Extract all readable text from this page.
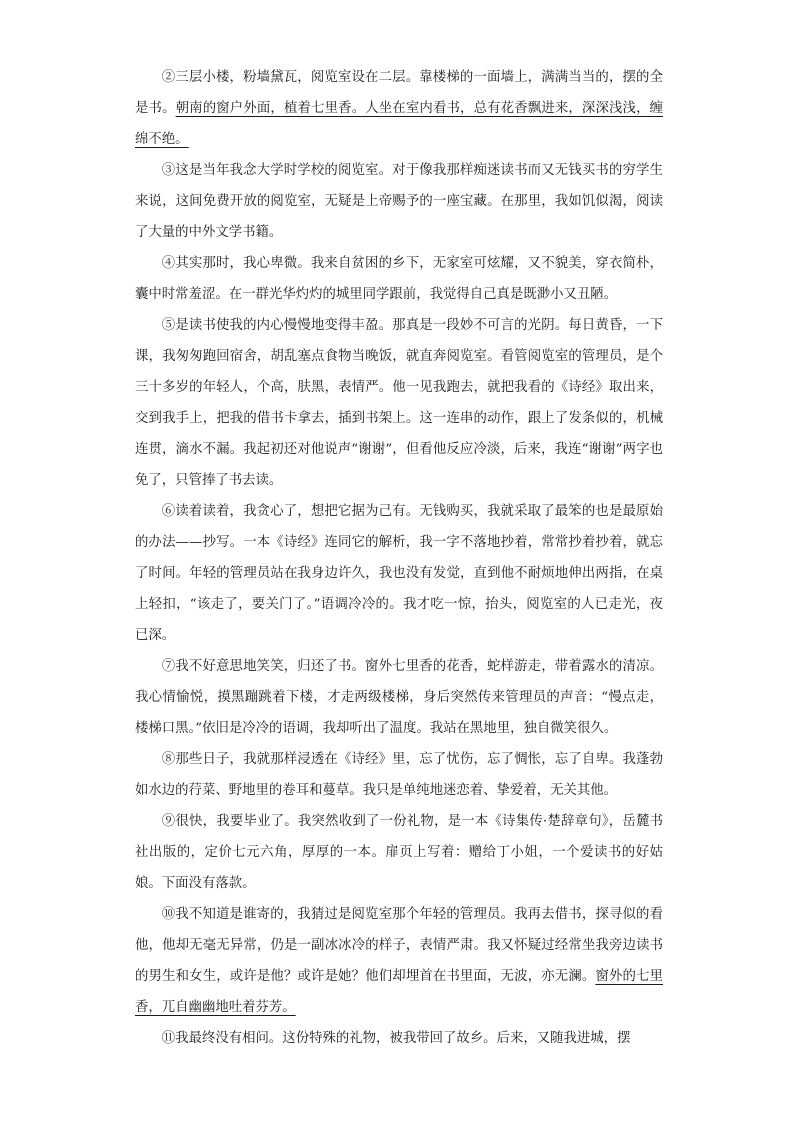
②三层小楼，粉墙黛瓦，阅览室设在二层。靠楼梯的一面墙上，满满当当的，摆的全是书。朝南的窗户外面，植着七里香。人坐在室内看书，总有花香飘进来，深深浅浅，缠绵不绝。

③这是当年我念大学时学校的阅览室。对于像我那样痴迷读书而又无钱买书的穷学生来说，这间免费开放的阅览室，无疑是上帝赐予的一座宝藏。在那里，我如饥似渴，阅读了大量的中外文学书籍。

④其实那时，我心卑微。我来自贫困的乡下，无家室可炫耀，又不貌美，穿衣简朴，囊中时常羞涩。在一群光华灼灼的城里同学跟前，我觉得自己真是既渺小又丑陋。

⑤是读书使我的内心慢慢地变得丰盈。那真是一段妙不可言的光阴。每日黄昏，一下课，我匆匆跑回宿舍，胡乱塞点食物当晚饭，就直奔阅览室。看管阅览室的管理员，是个三十多岁的年轻人，个高，肤黑，表情严。他一见我跑去，就把我看的《诗经》取出来，交到我手上，把我的借书卡拿去，插到书架上。这一连串的动作，跟上了发条似的，机械连贯，滴水不漏。我起初还对他说声“谢谢”，但看他反应冷淡，后来，我连“谢谢”两字也免了，只管捧了书去读。

⑥读着读着，我贪心了，想把它据为己有。无钱购买，我就采取了最笨的也是最原始的办法——抄写。一本《诗经》连同它的解析，我一字不落地抄着，常常抄着抄着，就忘了时间。年轻的管理员站在我身边许久，我也没有发觉，直到他不耐烦地伸出两指，在桌上轻扣，“该走了，要关门了。”语调冷冷的。我才吃一惊，抬头，阅览室的人已走光，夜已深。

⑦我不好意思地笑笑，归还了书。窗外七里香的花香，蛇样游走，带着露水的清凉。我心情愉悦，摸黑蹦跳着下楼，才走两级楼梯，身后突然传来管理员的声音：“慢点走，楼梯口黑。”依旧是冷冷的语调，我却听出了温度。我站在黑地里，独自微笑很久。

⑧那些日子，我就那样浸透在《诗经》里，忘了忧伤，忘了惆怅，忘了自卑。我蓬勃如水边的荇菜、野地里的卷耳和蔓草。我只是单纯地迷恋着、挚爱着，无关其他。

⑨很快，我要毕业了。我突然收到了一份礼物，是一本《诗集传·楚辞章句》，岳麓书社出版的，定价七元六角，厚厚的一本。扉页上写着：赠给丁小姐，一个爱读书的好姑娘。下面没有落款。

⑩我不知道是谁寄的，我猜过是阅览室那个年轻的管理员。我再去借书，探寻似的看他，他却无毫无异常，仍是一副冰冰冷的样子，表情严肃。我又怀疑过经常坐我旁边读书的男生和女生，或许是他？或许是她？他们却埋首在书里面，无波，亦无澜。窗外的七里香，兀自幽幽地吐着芬芳。

⑪我最终没有相问。这份特殊的礼物，被我带回了故乡。后来，又随我进城，摆
